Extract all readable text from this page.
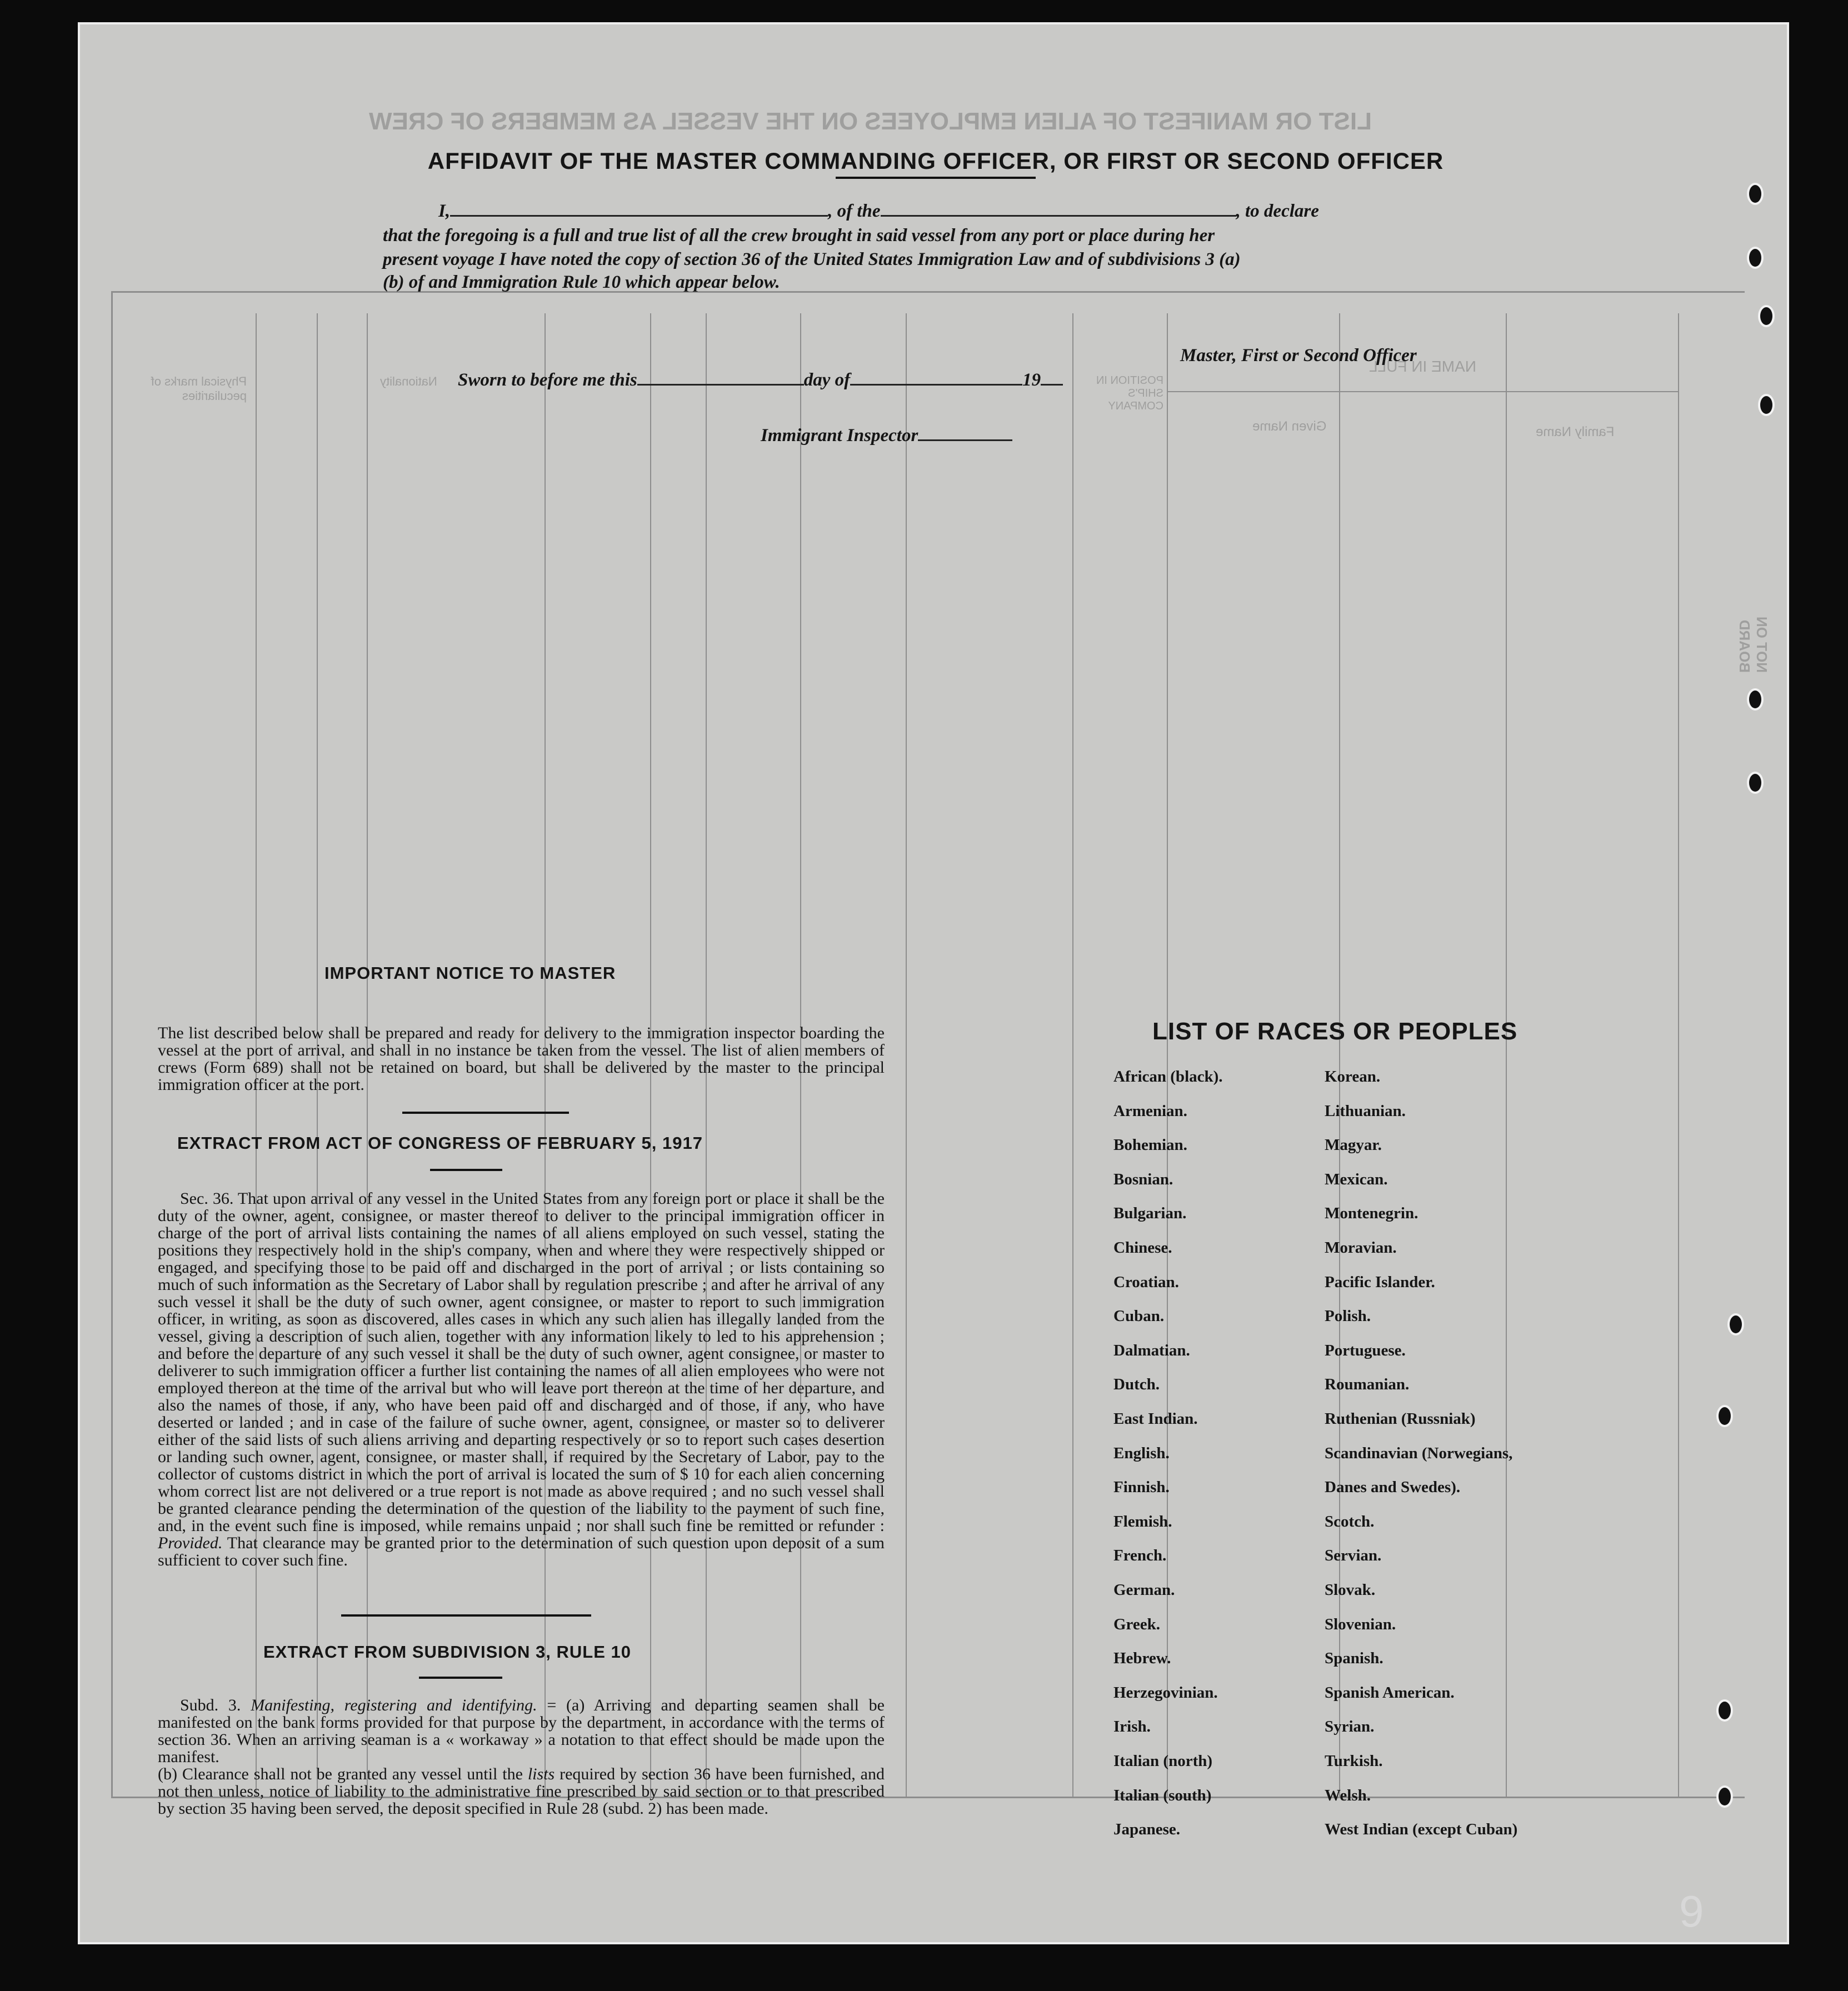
LIST OR MANIFEST OF ALIEN EMPLOYEES ON THE VESSEL AS MEMBERS OF CREW
NAME IN FULL
Family Name
Given Name
POSITION IN SHIP'S COMPANY
Nationality
Physical marks of peculiarities
NOT ON BOARD
AFFIDAVIT OF THE MASTER COMMANDING OFFICER, OR FIRST OR SECOND OFFICER
I,	, of the	, to declare
that the foregoing is a full and true list of all the crew brought in said vessel from any port or place during her
present voyage I have noted the copy of section 36 of the United States Immigration Law and of subdivisions 3 (a)
(b) of and Immigration Rule 10 which appear below.
Master, First or Second Officer
Sworn to before me this	day of	19
Immigrant Inspector
IMPORTANT NOTICE TO MASTER
The list described below shall be prepared and ready for delivery to the immigration inspector boarding the vessel at the port of arrival, and shall in no instance be taken from the vessel. The list of alien members of crews (Form 689) shall not be retained on board, but shall be delivered by the master to the principal immigration officer at the port.
EXTRACT FROM ACT OF CONGRESS OF FEBRUARY 5, 1917
Sec. 36. That upon arrival of any vessel in the United States from any foreign port or place it shall be the duty of the owner, agent, consignee, or master thereof to deliver to the principal immigration officer in charge of the port of arrival lists containing the names of all aliens employed on such vessel, stating the positions they respectively hold in the ship's company, when and where they were respectively shipped or engaged, and specifying those to be paid off and discharged in the port of arrival ; or lists containing so much of such information as the Secretary of Labor shall by regulation prescribe ; and after he arrival of any such vessel it shall be the duty of such owner, agent consignee, or master to report to such immigration officer, in writing, as soon as discovered, alles cases in which any such alien has illegally landed from the vessel, giving a description of such alien, together with any information likely to led to his apprehension ; and before the departure of any such vessel it shall be the duty of such owner, agent consignee, or master to deliverer to such immigration officer a further list containing the names of all alien employees who were not employed thereon at the time of the arrival but who will leave port thereon at the time of her departure, and also the names of those, if any, who have been paid off and discharged and of those, if any, who have deserted or landed ; and in case of the failure of suche owner, agent, consignee, or master so to deliverer either of the said lists of such aliens arriving and departing respectively or so to report such cases desertion or landing such owner, agent, consignee, or master shall, if required by the Secretary of Labor, pay to the collector of customs district in which the port of arrival is located the sum of $ 10 for each alien concerning whom correct list are not delivered or a true report is not made as above required ; and no such vessel shall be granted clearance pending the determination of the question of the liability to the payment of such fine, and, in the event such fine is imposed, while remains unpaid ; nor shall such fine be remitted or refunder : Provided. That clearance may be granted prior to the determination of such question upon deposit of a sum sufficient to cover such fine.
EXTRACT FROM SUBDIVISION 3, RULE 10
Subd. 3. Manifesting, registering and identifying. = (a) Arriving and departing seamen shall be manifested on the bank forms provided for that purpose by the department, in accordance with the terms of section 36. When an arriving seaman is a « workaway » a notation to that effect should be made upon the manifest.
(b) Clearance shall not be granted any vessel until the lists required by section 36 have been furnished, and not then unless, notice of liability to the administrative fine prescribed by said section or to that prescribed by section 35 having been served, the deposit specified in Rule 28 (subd. 2) has been made.
LIST OF RACES OR PEOPLES
African (black).
Armenian.
Bohemian.
Bosnian.
Bulgarian.
Chinese.
Croatian.
Cuban.
Dalmatian.
Dutch.
East Indian.
English.
Finnish.
Flemish.
French.
German.
Greek.
Hebrew.
Herzegovinian.
Irish.
Italian (north)
Italian (south)
Japanese.
Korean.
Lithuanian.
Magyar.
Mexican.
Montenegrin.
Moravian.
Pacific Islander.
Polish.
Portuguese.
Roumanian.
Ruthenian (Russniak)
Scandinavian (Norwegians,
Danes and Swedes).
Scotch.
Servian.
Slovak.
Slovenian.
Spanish.
Spanish American.
Syrian.
Turkish.
Welsh.
West Indian (except Cuban)
9
